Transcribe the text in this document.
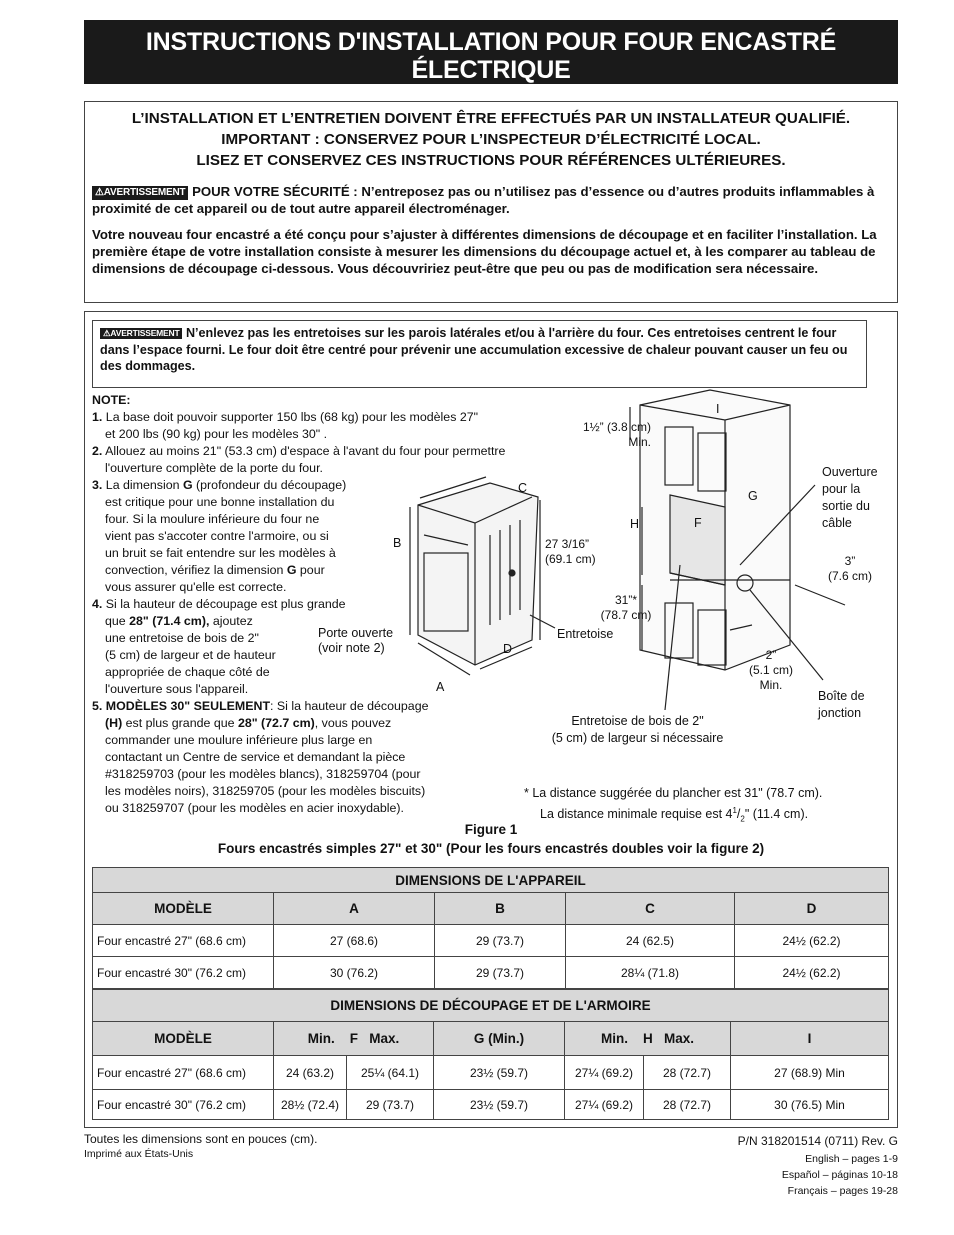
INSTRUCTIONS D'INSTALLATION POUR FOUR ENCASTRÉ ÉLECTRIQUE
(Combiné à une table de cuisson électrique ou à gaz (en option))
L’INSTALLATION ET L’ENTRETIEN DOIVENT ÊTRE EFFECTUÉS PAR UN INSTALLATEUR QUALIFIÉ.
IMPORTANT : CONSERVEZ POUR L’INSPECTEUR D’ÉLECTRICITÉ LOCAL.
LISEZ ET CONSERVEZ CES INSTRUCTIONS POUR RÉFÉRENCES ULTÉRIEURES.
⚠AVERTISSEMENT POUR VOTRE SÉCURITÉ : N’entreposez pas ou n’utilisez pas d’essence ou d’autres produits inflammables à proximité de cet appareil ou de tout autre appareil électroménager.
Votre nouveau four encastré a été conçu pour s’ajuster à différentes dimensions de découpage et en faciliter l’installation. La première étape de votre installation consiste à mesurer les dimensions du découpage actuel et, à les comparer au tableau de dimensions de découpage ci-dessous. Vous découvririez peut-être que peu ou pas de modification sera nécessaire.
⚠AVERTISSEMENT N’enlevez pas les entretoises sur les parois latérales et/ou à l'arrière du four. Ces entretoises centrent le four dans l’espace fourni. Le four doit être centré pour prévenir une accumulation excessive de chaleur pouvant causer un feu ou des dommages.
NOTE:
1. La base doit pouvoir supporter 150 lbs (68 kg) pour les modèles 27"
et 200 lbs (90 kg) pour les modèles 30" .
2. Allouez au moins 21" (53.3 cm) d'espace à l'avant du four pour permettre
l'ouverture complète de la porte du four.
3. La dimension G (profondeur du découpage)
est critique pour une bonne installation du
four. Si la moulure inférieure du four ne
vient pas s'accoter contre l'armoire, ou si
un bruit se fait entendre sur les modèles à
convection, vérifiez la dimension G pour
vous assurer qu'elle est correcte.
4. Si la hauteur de découpage est plus grande
que 28" (71.4 cm), ajoutez
une entretoise de bois de 2"
(5 cm) de largeur et de hauteur
appropriée de chaque côté de
l'ouverture sous l'appareil.
5. MODÈLES 30" SEULEMENT: Si la hauteur de découpage
(H) est plus grande que 28" (72.7 cm), vous pouvez
commander une moulure inférieure plus large en
contactant un Centre de service et demandant la pièce
#318259703 (pour les modèles blancs), 318259704 (pour
les modèles noirs), 318259705 (pour les modèles biscuits)
ou 318259707 (pour les modèles en acier inoxydable).
C
B
D
A
27 3/16”
(69.1 cm)
Porte ouverte
(voir note 2)
Entretoise
I
1½” (3.8 cm)
Min.
G
H	F
Ouverture
pour la
sortie du
câble
3”
(7.6 cm)
31”*
(78.7 cm)
2”
(5.1 cm)
Min.
Boîte de
jonction
Entretoise de bois de 2"
(5 cm) de largeur si nécessaire
* La distance suggérée du plancher est 31" (78.7 cm).
La distance minimale requise est $4^1/_2$" (11.4 cm).
Figure 1
Fours encastrés simples 27" et 30" (Pour les fours encastrés doubles voir la figure 2)
DIMENSIONS DE L'APPAREIL				
MODÈLE	A	B	C	D
Four encastré 27" (68.6 cm)	27 (68.6)	29 (73.7)	24 (62.5)	24½ (62.2)
Four encastré 30" (76.2 cm)	30 (76.2)	29 (73.7)	28¼ (71.8)	24½ (62.2)
DIMENSIONS DE DÉCOUPAGE ET DE L'ARMOIRE						
MODÈLE	Min.    F   Max.		G (Min.)	Min.    H   Max.		I
Four encastré 27" (68.6 cm)	24 (63.2)	25¼ (64.1)	23½ (59.7)	27¼ (69.2)	28 (72.7)	27 (68.9) Min
Four encastré 30" (76.2 cm)	28½ (72.4)	29 (73.7)	23½ (59.7)	27¼ (69.2)	28 (72.7)	30 (76.5) Min
Toutes les dimensions sont en pouces (cm).
Imprimé aux États-Unis
P/N 318201514 (0711) Rev. G
English – pages 1-9
Español – páginas 10-18
Français – pages 19-28
